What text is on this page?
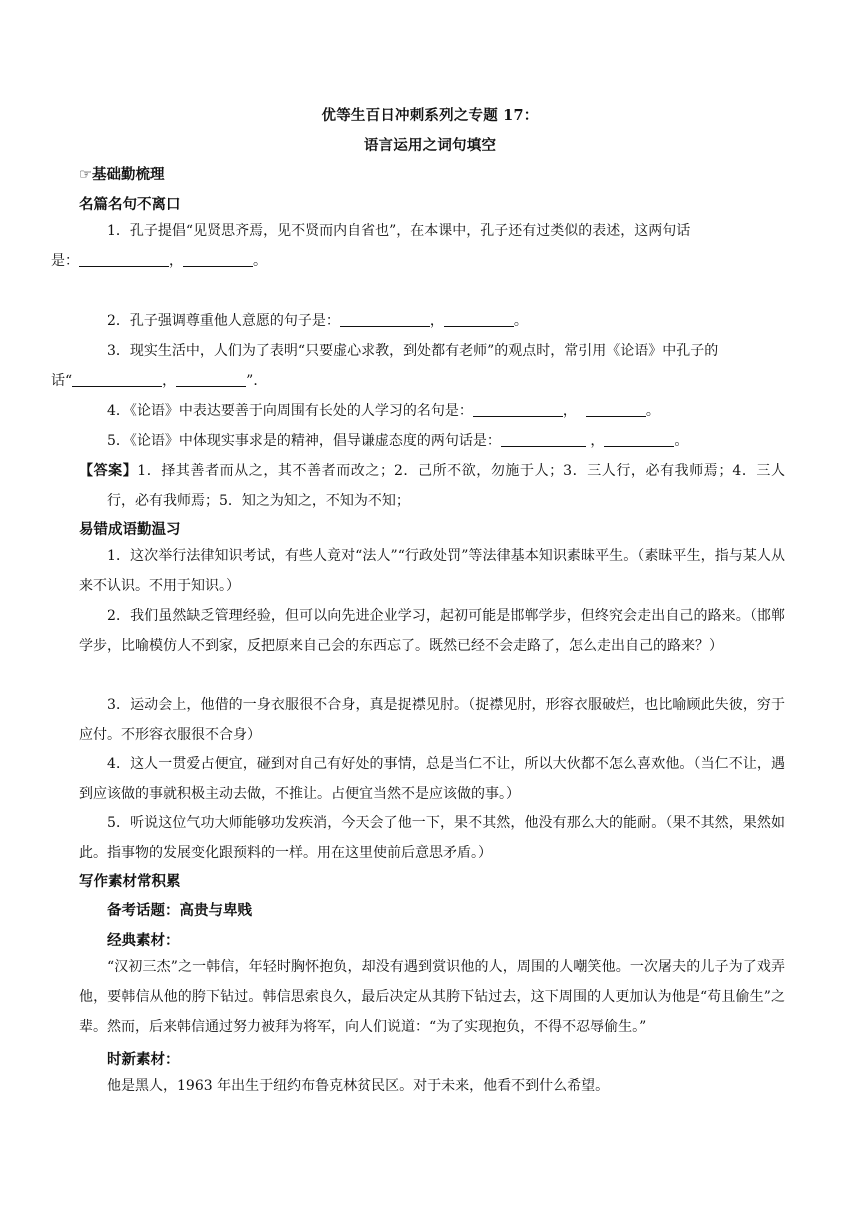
优等生百日冲刺系列之专题 17：
语言运用之词句填空
☞基础勤梳理
名篇名句不离口
1．孔子提倡“见贤思齐焉，见不贤而内自省也”，在本课中，孔子还有过类似的表述，这两句话
是：	，	。
2．孔子强调尊重他人意愿的句子是：	，	。
3．现实生活中，人们为了表明“只要虚心求教，到处都有老师”的观点时，常引用《论语》中孔子的
话“	，	”．
4．《论语》中表达要善于向周围有长处的人学习的名句是：	，	。
5．《论语》中体现实事求是的精神，倡导谦虚态度的两句话是：	，	。
【答案】1．择其善者而从之，其不善者而改之；2．己所不欲，勿施于人；3．三人行，必有我师焉；4．三人行，必有我师焉；5．知之为知之，不知为不知；
易错成语勤温习
1．这次举行法律知识考试，有些人竟对“法人”“行政处罚”等法律基本知识素昧平生。（素昧平生，指与某人从来不认识。不用于知识。）
2．我们虽然缺乏管理经验，但可以向先进企业学习，起初可能是邯郸学步，但终究会走出自己的路来。（邯郸学步，比喻模仿人不到家，反把原来自己会的东西忘了。既然已经不会走路了，怎么走出自己的路来？）
3．运动会上，他借的一身衣服很不合身，真是捉襟见肘。（捉襟见肘，形容衣服破烂，也比喻顾此失彼，穷于应付。不形容衣服很不合身）
4．这人一贯爱占便宜，碰到对自己有好处的事情，总是当仁不让，所以大伙都不怎么喜欢他。（当仁不让，遇到应该做的事就积极主动去做，不推让。占便宜当然不是应该做的事。）
5．听说这位气功大师能够功发疾消，今天会了他一下，果不其然，他没有那么大的能耐。（果不其然，果然如此。指事物的发展变化跟预料的一样。用在这里使前后意思矛盾。）
写作素材常积累
备考话题：高贵与卑贱
经典素材：
“汉初三杰”之一韩信，年轻时胸怀抱负，却没有遇到赏识他的人，周围的人嘲笑他。一次屠夫的儿子为了戏弄他，要韩信从他的胯下钻过。韩信思索良久，最后决定从其胯下钻过去，这下周围的人更加认为他是“苟且偷生”之辈。然而，后来韩信通过努力被拜为将军，向人们说道：“为了实现抱负，不得不忍辱偷生。”
时新素材：
他是黑人，1963 年出生于纽约布鲁克林贫民区。对于未来，他看不到什么希望。
